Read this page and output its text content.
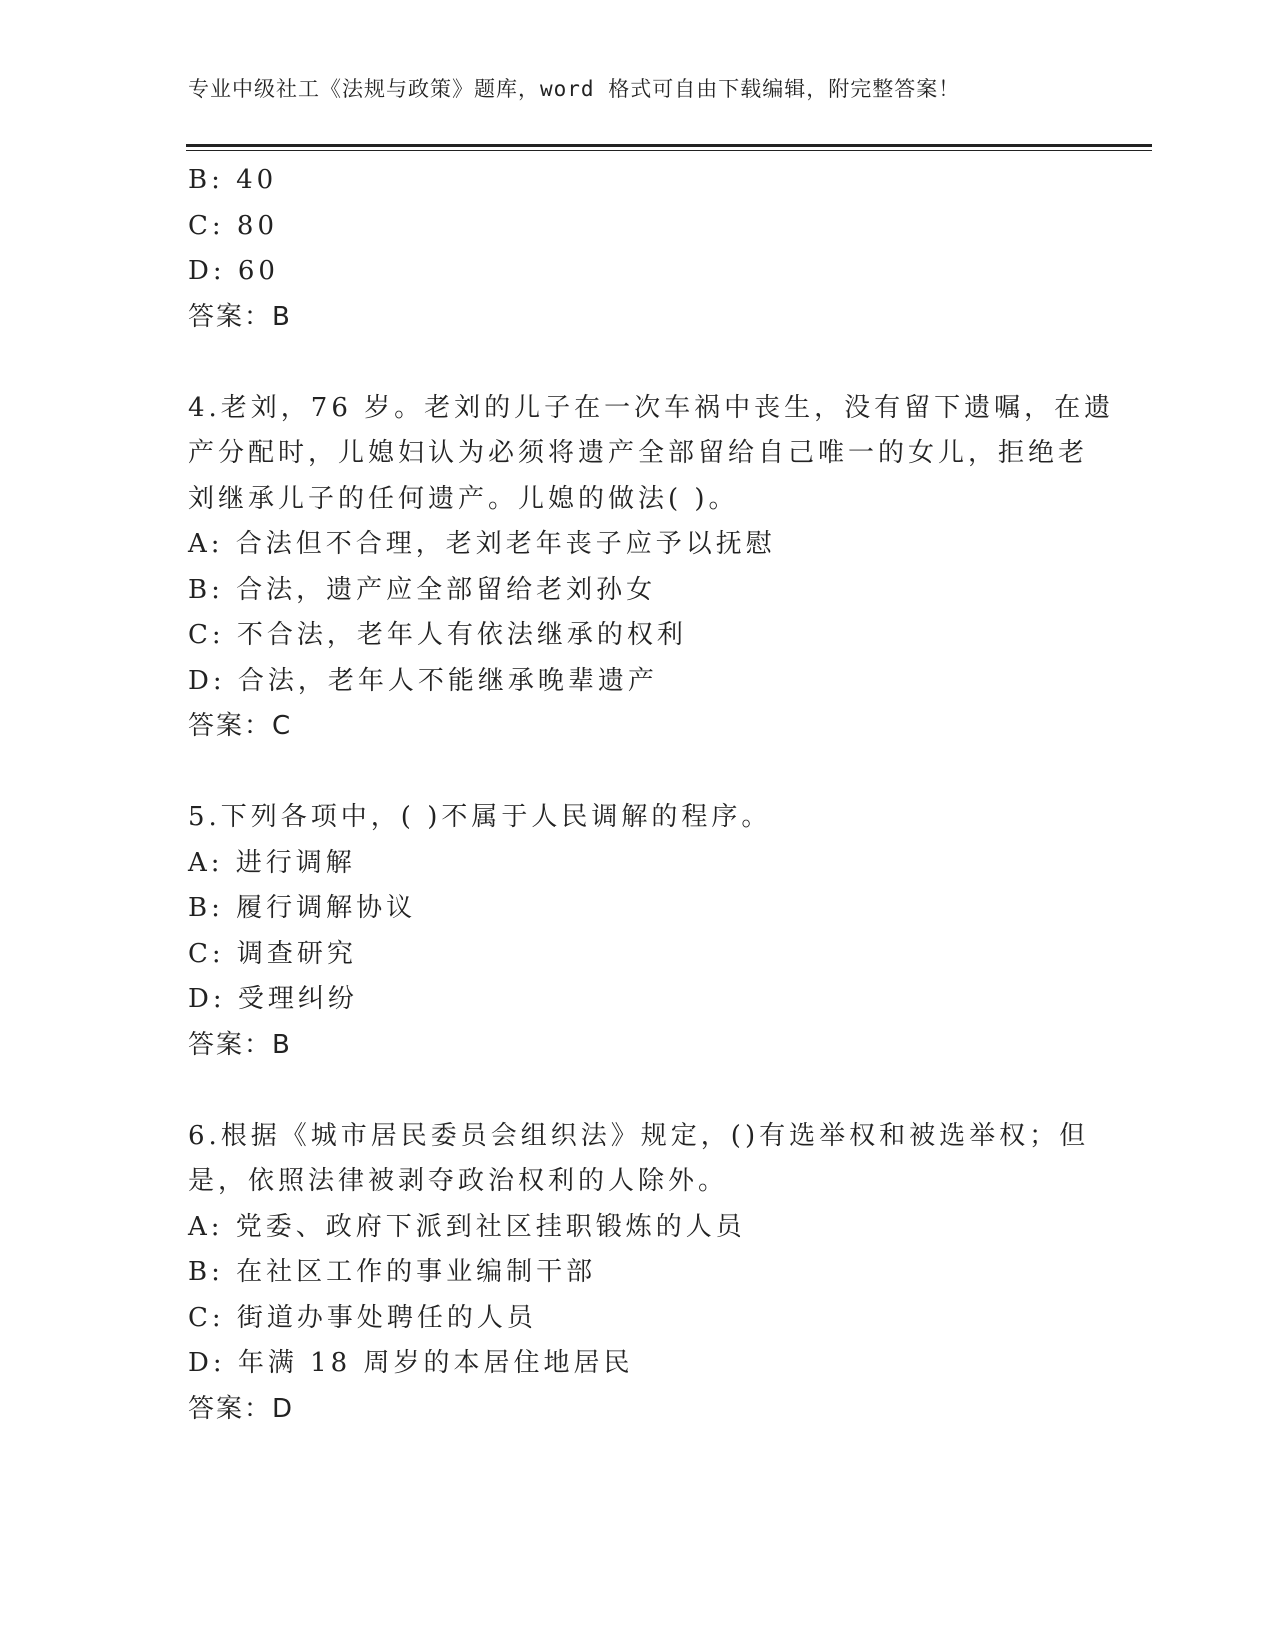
专业中级社工《法规与政策》题库，word 格式可自由下载编辑，附完整答案！
B: 40
C: 80
D: 60
答案：B
4.老刘，76 岁。老刘的儿子在一次车祸中丧生，没有留下遗嘱，在遗
产分配时，儿媳妇认为必须将遗产全部留给自己唯一的女儿，拒绝老
刘继承儿子的任何遗产。儿媳的做法( )。
A: 合法但不合理，老刘老年丧子应予以抚慰
B: 合法，遗产应全部留给老刘孙女
C: 不合法，老年人有依法继承的权利
D: 合法，老年人不能继承晚辈遗产
答案：C
5.下列各项中，( )不属于人民调解的程序。
A: 进行调解
B: 履行调解协议
C: 调查研究
D: 受理纠纷
答案：B
6.根据《城市居民委员会组织法》规定，()有选举权和被选举权；但
是，依照法律被剥夺政治权利的人除外。
A: 党委、政府下派到社区挂职锻炼的人员
B: 在社区工作的事业编制干部
C: 街道办事处聘任的人员
D: 年满 18 周岁的本居住地居民
答案：D
